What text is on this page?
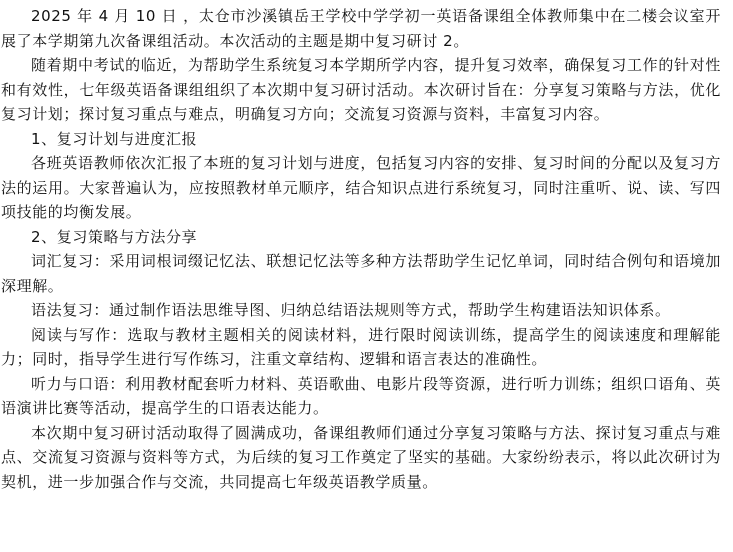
2025 年 4 月 10 日 ，太仓市沙溪镇岳王学校中学学初一英语备课组全体教师集中在二楼会议室开展了本学期第九次备课组活动。本次活动的主题是期中复习研讨 2。

随着期中考试的临近，为帮助学生系统复习本学期所学内容，提升复习效率，确保复习工作的针对性和有效性，七年级英语备课组组织了本次期中复习研讨活动。本次研讨旨在：分享复习策略与方法，优化复习计划；探讨复习重点与难点，明确复习方向；交流复习资源与资料，丰富复习内容。

1、复习计划与进度汇报

各班英语教师依次汇报了本班的复习计划与进度，包括复习内容的安排、复习时间的分配以及复习方法的运用。大家普遍认为，应按照教材单元顺序，结合知识点进行系统复习，同时注重听、说、读、写四项技能的均衡发展。

2、复习策略与方法分享

词汇复习：采用词根词缀记忆法、联想记忆法等多种方法帮助学生记忆单词，同时结合例句和语境加深理解。

语法复习：通过制作语法思维导图、归纳总结语法规则等方式，帮助学生构建语法知识体系。

阅读与写作：选取与教材主题相关的阅读材料，进行限时阅读训练，提高学生的阅读速度和理解能力；同时，指导学生进行写作练习，注重文章结构、逻辑和语言表达的准确性。

听力与口语：利用教材配套听力材料、英语歌曲、电影片段等资源，进行听力训练；组织口语角、英语演讲比赛等活动，提高学生的口语表达能力。

本次期中复习研讨活动取得了圆满成功，备课组教师们通过分享复习策略与方法、探讨复习重点与难点、交流复习资源与资料等方式，为后续的复习工作奠定了坚实的基础。大家纷纷表示，将以此次研讨为契机，进一步加强合作与交流，共同提高七年级英语教学质量。
